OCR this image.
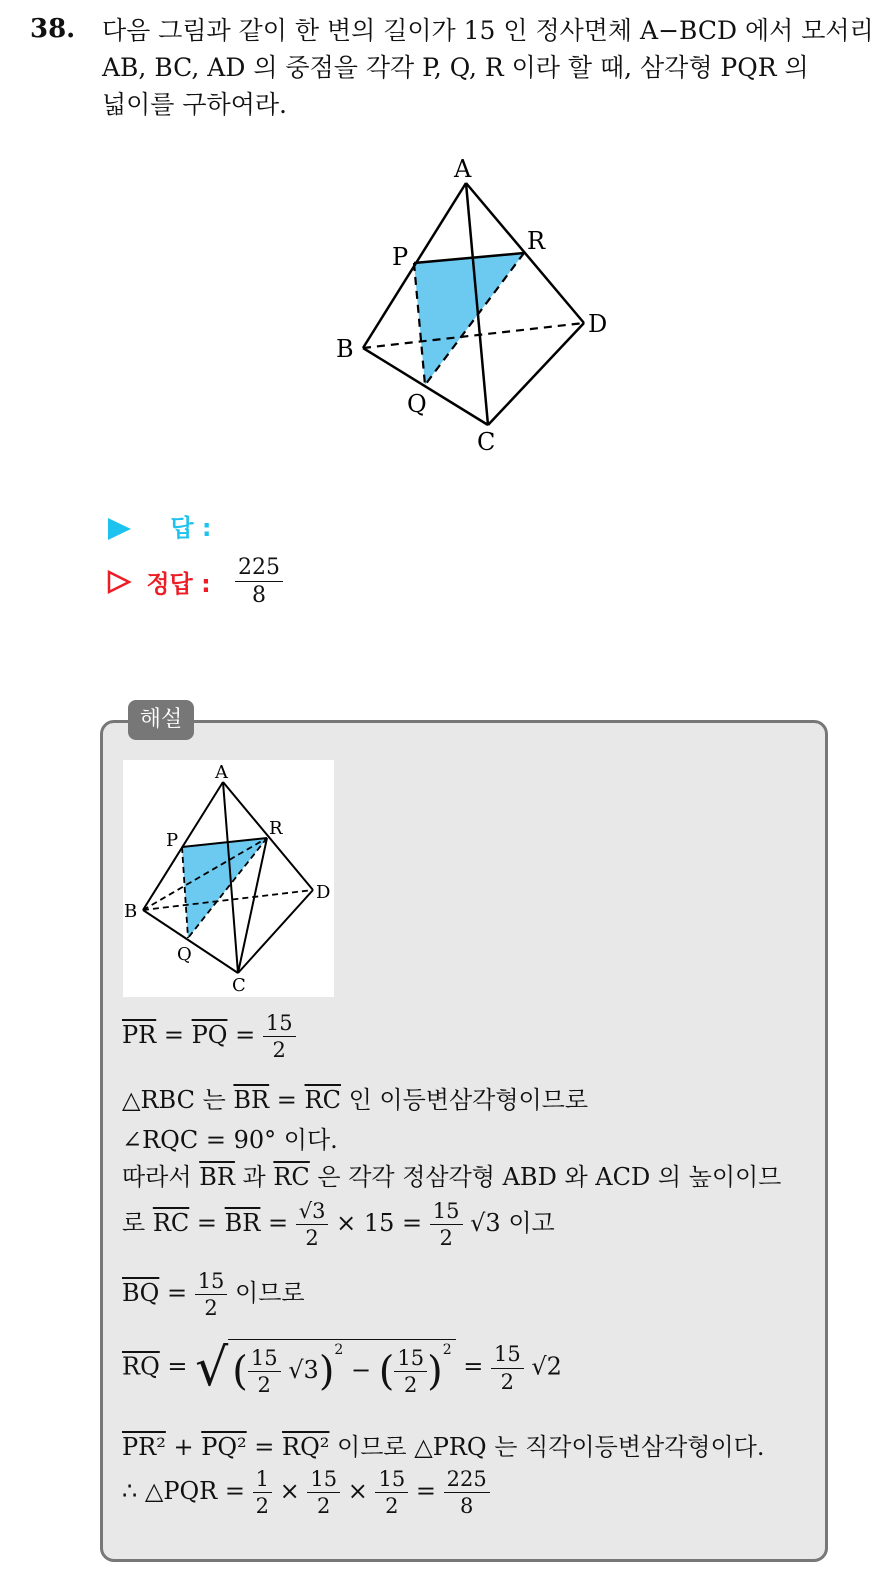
38. 다음 그림과 같이 한 변의 길이가 15 인 정사면체 A−BCD 에서 모서리
AB, BC, AD 의 중점을 각각 P, Q, R 이라 할 때, 삼각형 PQR 의
넓이를 구하여라.
A
B
C
D
P
Q
R
답 :
정답 : $\frac{225}{8}$
해설
A
B
C
D
P
Q
R
$\overline{PR} = \overline{PQ} = \frac{15}{2}$
△RBC 는 $\overline{BR} = \overline{RC}$ 인 이등변삼각형이므로
∠RQC = 90° 이다.
따라서 $\overline{BR}$ 과 $\overline{RC}$ 은 각각 정삼각형 ABD 와 ACD 의 높이이므
로 $\overline{RC} = \overline{BR} = \frac{√3}{2} \times 15 = \frac{15}{2} √3$ 이고
$\overline{BQ} = \frac{15}{2}$ 이므로
$\overline{RQ}$ = √ ( $\frac{15}{2} √3)^2$ − ( $\frac{15}{2} )^2 = \frac{15}{2} √2$
PR² + PQ² = RQ² 이므로 △PRQ 는 직각이등변삼각형이다.
∴ △PQR = $\frac{1}{2} \times \frac{15}{2} \times \frac{15}{2} = \frac{225}{8}$
